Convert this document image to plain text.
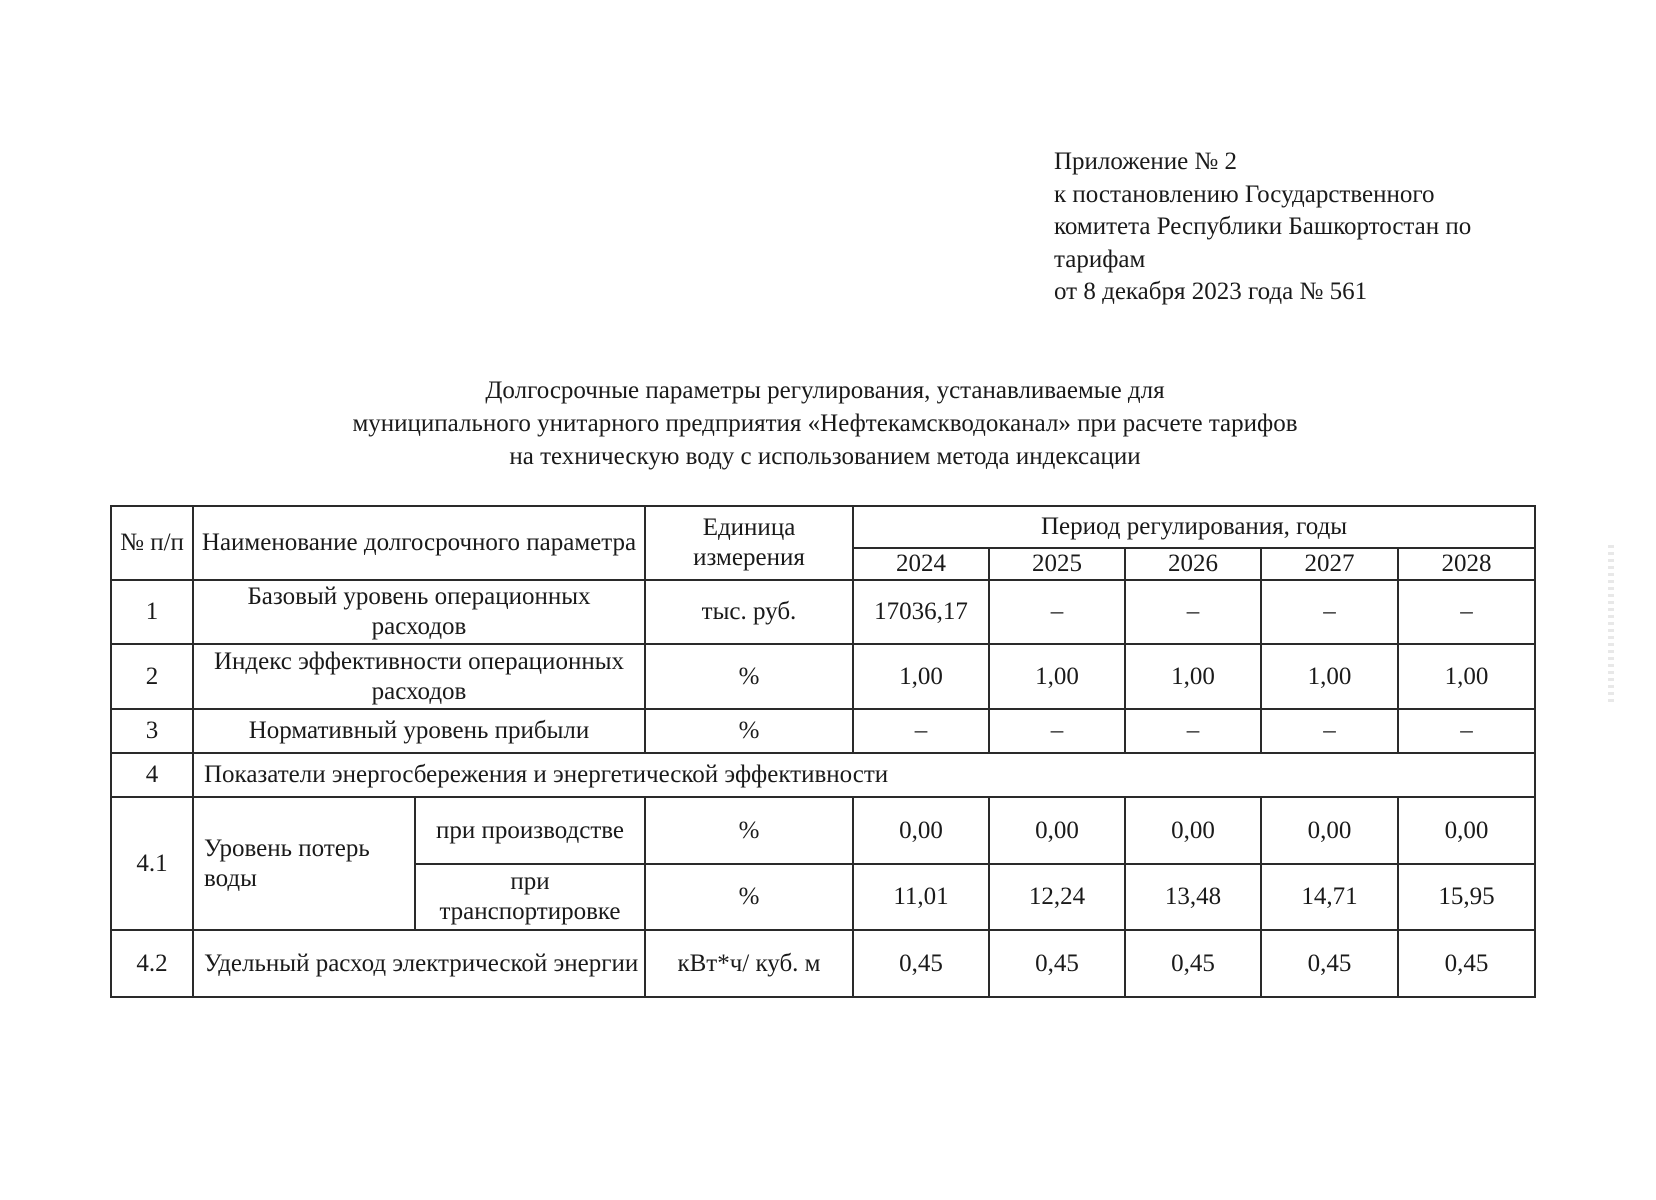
Приложение № 2
к постановлению Государственного
комитета Республики Башкортостан по
тарифам
от 8 декабря 2023 года № 561
Долгосрочные параметры регулирования, устанавливаемые для
муниципального унитарного предприятия «Нефтекамскводоканал» при расчете тарифов
на техническую воду с использованием метода индексации
№ п/п	Наименование долгосрочного параметра		Единица измерения	Период регулирования, годы				
				2024	2025	2026	2027	2028
1	Базовый уровень операционных расходов		тыс. руб.	17036,17	–	–	–	–
2	Индекс эффективности операционных расходов		%	1,00	1,00	1,00	1,00	1,00
3	Нормативный уровень прибыли		%	–	–	–	–	–
4	Показатели энергосбережения и энергетической эффективности							
4.1	Уровень потерь воды	при производстве	%	0,00	0,00	0,00	0,00	0,00
		при транспортировке	%	11,01	12,24	13,48	14,71	15,95
4.2	Удельный расход электрической энергии		кВт*ч/ куб. м	0,45	0,45	0,45	0,45	0,45
